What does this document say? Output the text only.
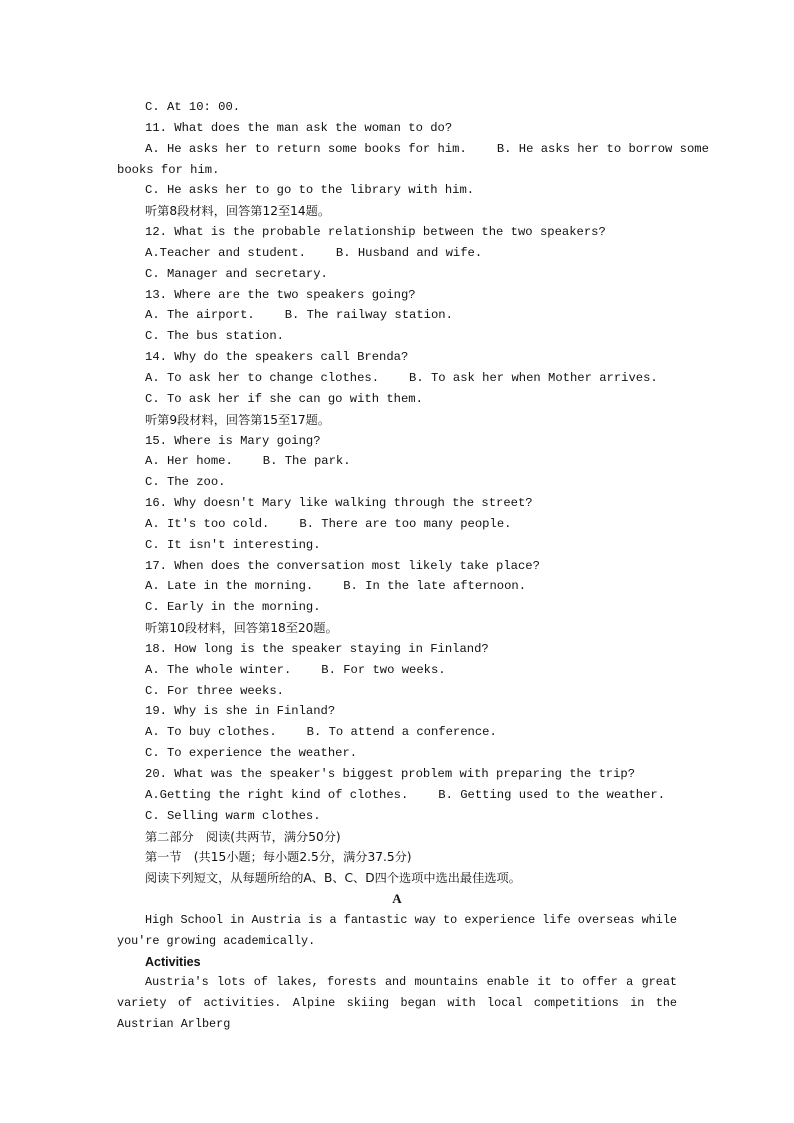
C. At 10: 00.
11. What does the man ask the woman to do?
A. He asks her to return some books for him. B. He asks her to borrow some
books for him.
C. He asks her to go to the library with him.
听第8段材料，回答第12至14题。
12. What is the probable relationship between the two speakers?
A.Teacher and student. B. Husband and wife.
C. Manager and secretary.
13. Where are the two speakers going?
A. The airport. B. The railway station.
C. The bus station.
14. Why do the speakers call Brenda?
A. To ask her to change clothes. B. To ask her when Mother arrives.
C. To ask her if she can go with them.
听第9段材料，回答第15至17题。
15. Where is Mary going?
A. Her home. B. The park.
C. The zoo.
16. Why doesn't Mary like walking through the street?
A. It's too cold. B. There are too many people.
C. It isn't interesting.
17. When does the conversation most likely take place?
A. Late in the morning. B. In the late afternoon.
C. Early in the morning.
听第10段材料，回答第18至20题。
18. How long is the speaker staying in Finland?
A. The whole winter. B. For two weeks.
C. For three weeks.
19. Why is she in Finland?
A. To buy clothes. B. To attend a conference.
C. To experience the weather.
20. What was the speaker's biggest problem with preparing the trip?
A.Getting the right kind of clothes. B. Getting used to the weather.
C. Selling warm clothes.
第二部分　阅读(共两节，满分50分)
第一节　(共15小题；每小题2.5分，满分37.5分)
阅读下列短文，从每题所给的A、B、C、D四个选项中选出最佳选项。
A
High School in Austria is a fantastic way to experience life overseas while you're growing academically.
Activities
Austria's lots of lakes, forests and mountains enable it to offer a great variety of activities. Alpine skiing began with local competitions in the Austrian Arlberg
